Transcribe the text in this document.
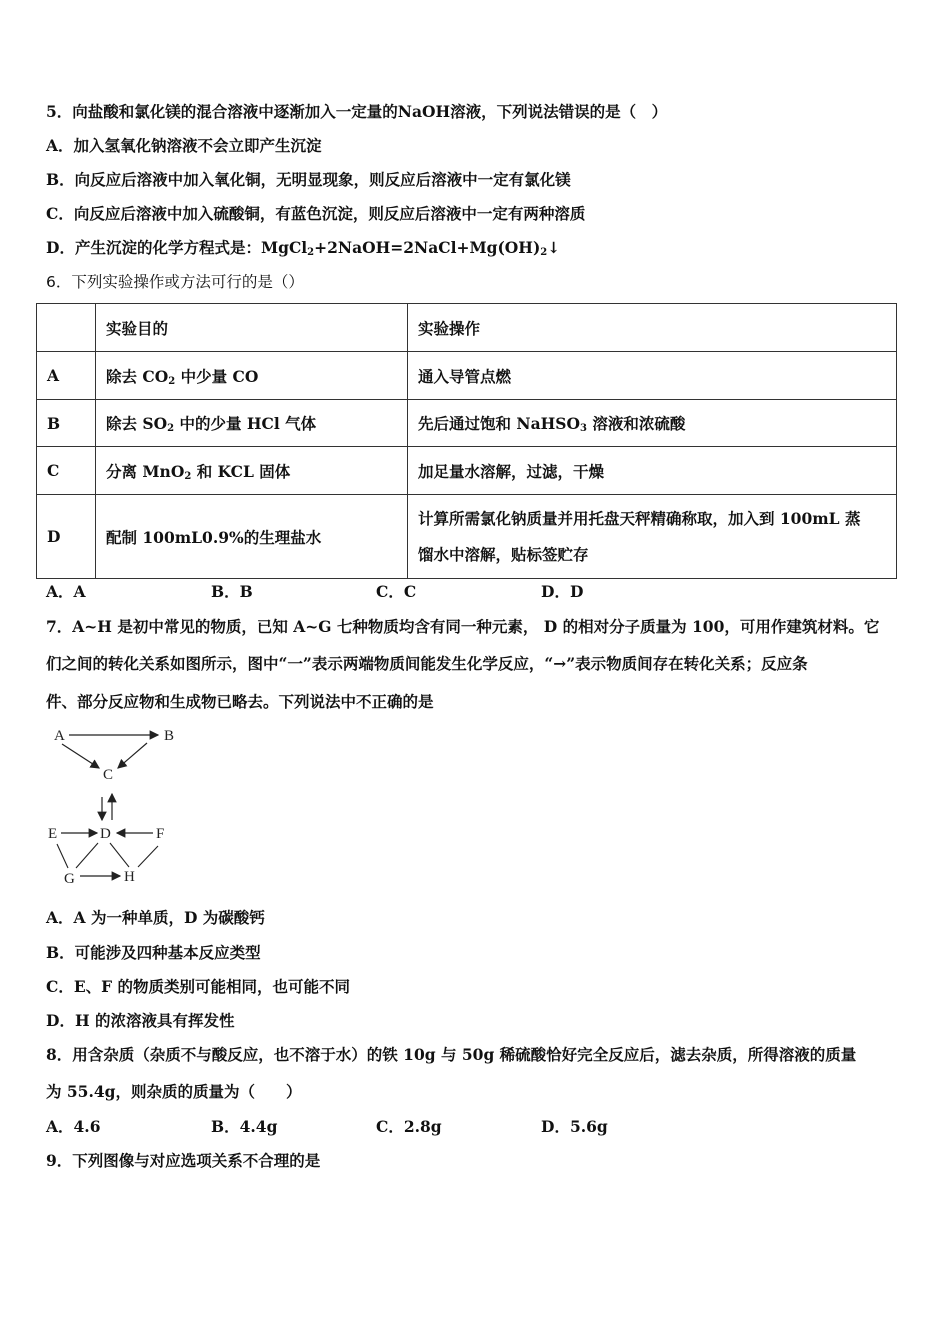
5．向盐酸和氯化镁的混合溶液中逐渐加入一定量的NaOH溶液，下列说法错误的是（　）
A．加入氢氧化钠溶液不会立即产生沉淀
B．向反应后溶液中加入氧化铜，无明显现象，则反应后溶液中一定有氯化镁
C．向反应后溶液中加入硫酸铜，有蓝色沉淀，则反应后溶液中一定有两种溶质
D．产生沉淀的化学方程式是：$MgCl_2+2NaOH=2NaCl+Mg(OH)_2↓$
6．下列实验操作或方法可行的是（）
	实验目的	实验操作
A	除去 $CO_2$ 中少量 CO	通入导管点燃
B	除去 $SO_2$ 中的少量 HCl 气体	先后通过饱和 NaHSO$_3$ 溶液和浓硫酸
C	分离 MnO$_2$ 和 KCL 固体	加足量水溶解，过滤，干燥
D	配制 100mL0.9%的生理盐水	计算所需氯化钠质量并用托盘天秤精确称取，加入到 100mL 蒸
馏水中溶解，贴标签贮存
A．A	B．B	C．C	D．D
7．A~H 是初中常见的物质，已知 A~G 七种物质均含有同一种元素， D 的相对分子质量为 100，可用作建筑材料。它
们之间的转化关系如图所示，图中“一”表示两端物质间能发生化学反应，“→”表示物质间存在转化关系；反应条
件、部分反应物和生成物已略去。下列说法中不正确的是
A	B
C
D
E	F
G	H
A．A 为一种单质，D 为碳酸钙
B．可能涉及四种基本反应类型
C．E、F 的物质类别可能相同，也可能不同
D．H 的浓溶液具有挥发性
8．用含杂质（杂质不与酸反应，也不溶于水）的铁 10g 与 50g 稀硫酸恰好完全反应后，滤去杂质，所得溶液的质量
为 55.4g，则杂质的质量为（　　）
A．4.6	B．4.4g	C．2.8g	D．5.6g
9．下列图像与对应选项关系不合理的是
